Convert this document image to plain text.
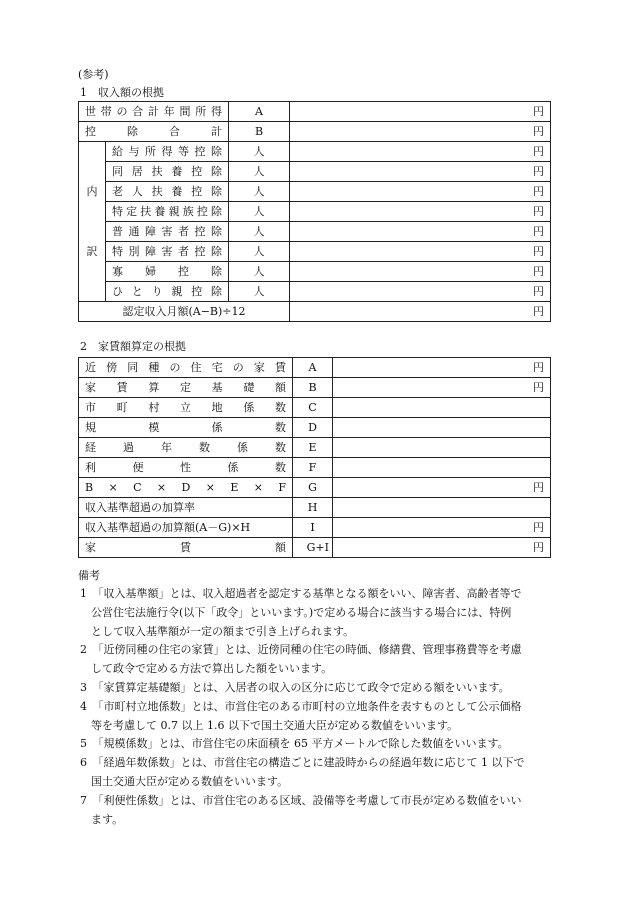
(参考)
1　収入額の根拠
世帯の合計年間所得		A	円
控除合計		B	円

内
訳	給与所得等控除	人	円
	同居扶養控除	人	円
	老人扶養控除	人	円
	特定扶養親族控除	人	円
	普通障害者控除	人	円
	特別障害者控除	人	円
	寡婦控除	人	円
	ひとり親控除	人	円
認定収入月額(A−B)÷12			円
2　家賃額算定の根拠
近傍同種の住宅の家賃	A	円
家賃算定基礎額	B	円
市町村立地係数	C	
規模係数	D	
経過年数係数	E	
利便性係数	F	
B × C × D × E × F	G	円
収入基準超過の加算率	H	
収入基準超過の加算額(A－G)×H	I	円
家賃額	G+I	円
備考
1　「収入基準額」とは、収入超過者を認定する基準となる額をいい、障害者、高齢者等で
　公営住宅法施行令(以下「政令」といいます。)で定める場合に該当する場合には、特例
　として収入基準額が一定の額まで引き上げられます。
2　「近傍同種の住宅の家賃」とは、近傍同種の住宅の時価、修繕費、管理事務費等を考慮
　して政令で定める方法で算出した額をいいます。
3　「家賃算定基礎額」とは、入居者の収入の区分に応じて政令で定める額をいいます。
4　「市町村立地係数」とは、市営住宅のある市町村の立地条件を表すものとして公示価格
　等を考慮して 0.7 以上 1.6 以下で国土交通大臣が定める数値をいいます。
5　「規模係数」とは、市営住宅の床面積を 65 平方メートルで除した数値をいいます。
6　「経過年数係数」とは、市営住宅の構造ごとに建設時からの経過年数に応じて 1 以下で
　国土交通大臣が定める数値をいいます。
7　「利便性係数」とは、市営住宅のある区域、設備等を考慮して市長が定める数値をいい
　ます。
